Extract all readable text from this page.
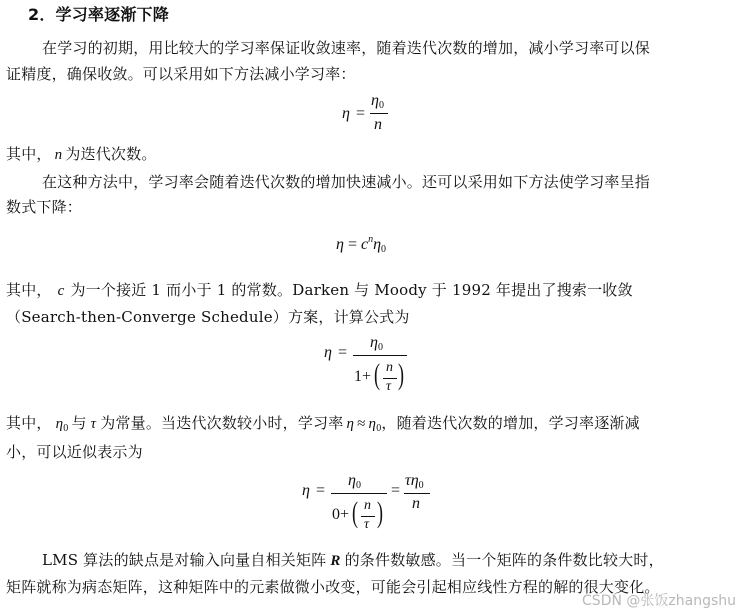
2．学习率逐渐下降
在学习的初期，用比较大的学习率保证收敛速率，随着迭代次数的增加，减小学习率可以保
证精度，确保收敛。可以采用如下方法减小学习率：
η =
$\eta_0$
n
其中， n 为迭代次数。
在这种方法中，学习率会随着迭代次数的增加快速减小。还可以采用如下方法使学习率呈指
数式下降：
$\eta = c^n\eta_0$
其中， c 为一个接近 1 而小于 1 的常数。Darken 与 Moody 于 1992 年提出了搜索一收敛
（Search-then-Converge Schedule）方案，计算公式为
η =
$\eta_0$
1+ ( n
τ )
其中， $\eta_0$ 与 τ 为常量。当迭代次数较小时，学习率 $\eta \approx \eta_0$，随着迭代次数的增加，学习率逐渐减
小，可以近似表示为
η =
$\eta_0$
0+ ( n
τ )
=
$\tau\eta_0$
n
LMS 算法的缺点是对输入向量自相关矩阵 R 的条件数敏感。当一个矩阵的条件数比较大时，
矩阵就称为病态矩阵，这种矩阵中的元素做微小改变，可能会引起相应线性方程的解的很大变化。
CSDN @张饭zhangshu
